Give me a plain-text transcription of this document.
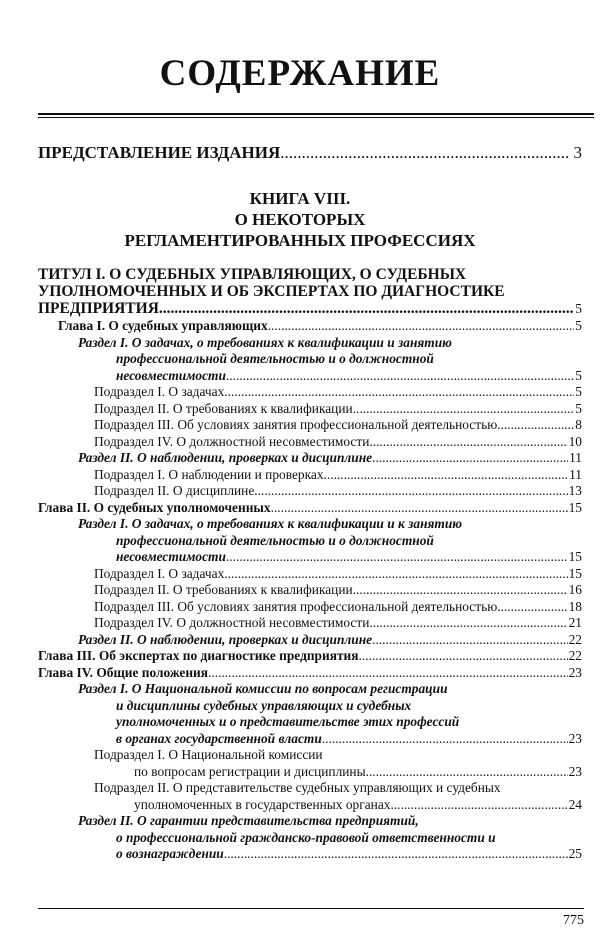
СОДЕРЖАНИЕ
ПРЕДСТАВЛЕНИЕ ИЗДАНИЯ .....	3
КНИГА VIII.
О НЕКОТОРЫХ
РЕГЛАМЕНТИРОВАННЫХ ПРОФЕССИЯХ
ТИТУЛ I. О СУДЕБНЫХ УПРАВЛЯЮЩИХ, О СУДЕБНЫХ
УПОЛНОМОЧЕННЫХ И ОБ ЭКСПЕРТАХ ПО ДИАГНОСТИКЕ
ПРЕДПРИЯТИЯ .....	5
Глава I. О судебных управляющих .....	5
Раздел I. О задачах, о требованиях к квалификации и занятию
профессиональной деятельностью и о должностной
несовместимости .....	5
Подраздел I. О задачах .....	5
Подраздел II. О требованиях к квалификации .....	5
Подраздел III. Об условиях занятия профессиональной деятельностью .....	8
Подраздел IV. О должностной несовместимости .....	10
Раздел II. О наблюдении, проверках и дисциплине .....	11
Подраздел I. О наблюдении и проверках .....	11
Подраздел II. О дисциплине .....	13
Глава II. О судебных уполномоченных .....	15
Раздел I. О задачах, о требованиях к квалификации и к занятию
профессиональной деятельностью и о должностной
несовместимости .....	15
Подраздел I. О задачах .....	15
Подраздел II. О требованиях к квалификации .....	16
Подраздел III. Об условиях занятия профессиональной деятельностью .....	18
Подраздел IV. О должностной несовместимости .....	21
Раздел II. О наблюдении, проверках и дисциплине .....	22
Глава III. Об экспертах по диагностике предприятия .....	22
Глава IV. Общие положения .....	23
Раздел I. О Национальной комиссии по вопросам регистрации
и дисциплины судебных управляющих и судебных
уполномоченных и о представительстве этих профессий
в органах государственной власти .....	23
Подраздел I. О Национальной комиссии
по вопросам регистрации и дисциплины .....	23
Подраздел II. О представительстве судебных управляющих и судебных
уполномоченных в государственных органах .....	24
Раздел II. О гарантии представительства предприятий,
о профессиональной гражданско-правовой ответственности и
о вознаграждении .....	25
775
